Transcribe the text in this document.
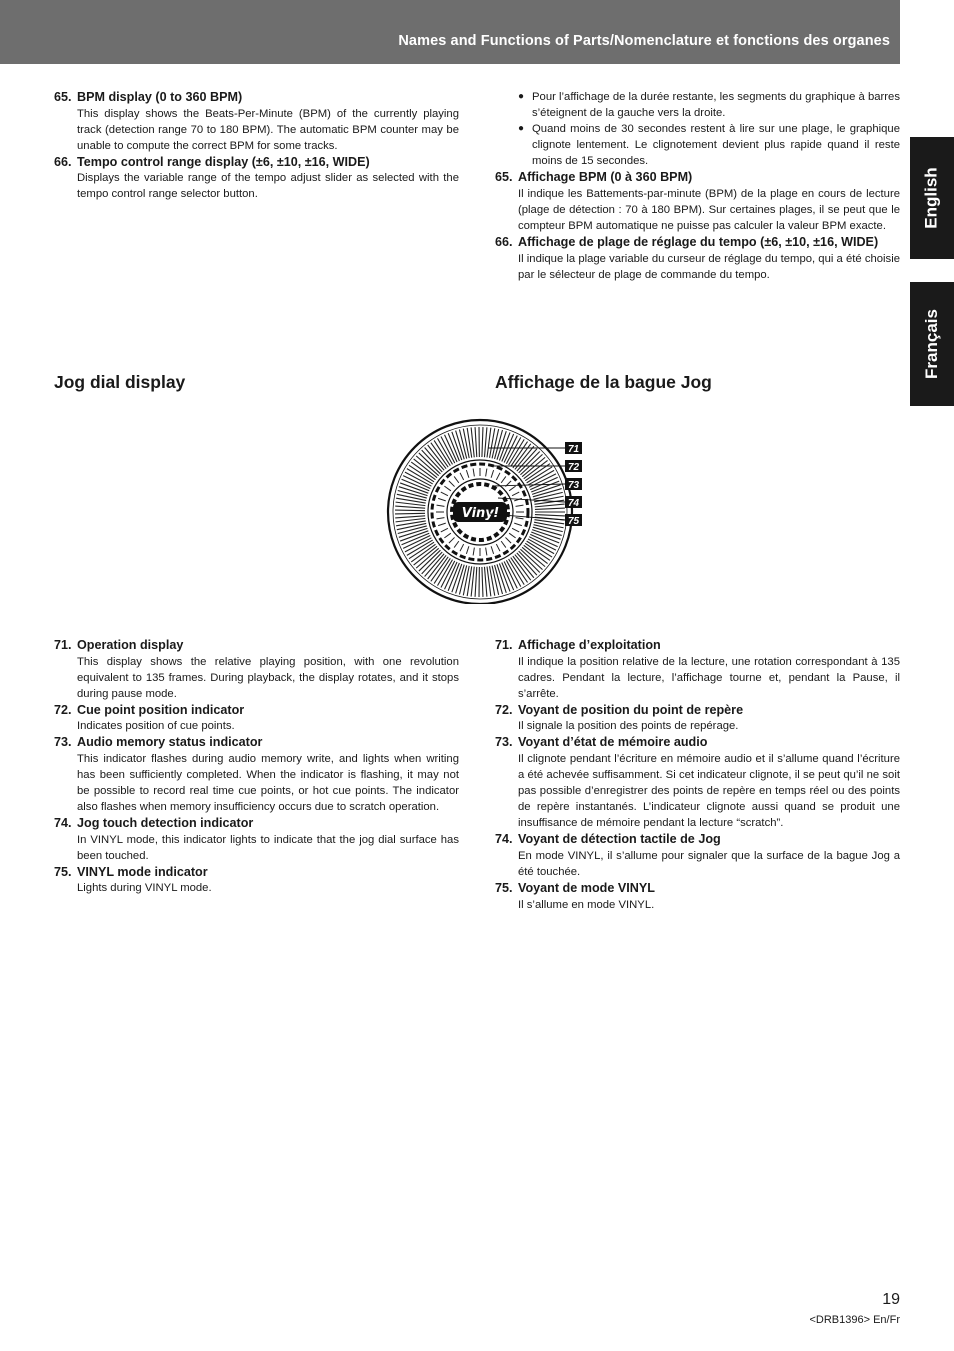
Names and Functions of Parts/Nomenclature et fonctions des organes
English
Français
65. BPM display (0 to 360 BPM)
This display shows the Beats-Per-Minute (BPM) of the currently playing track (detection range 70 to 180 BPM). The automatic BPM counter may be unable to compute the correct BPM for some tracks.
66. Tempo control range display (±6, ±10, ±16, WIDE)
Displays the variable range of the tempo adjust slider as selected with the tempo control range selector button.
● Pour l’affichage de la durée restante, les segments du graphique à barres s’éteignent de la gauche vers la droite.
● Quand moins de 30 secondes restent à lire sur une plage, le graphique clignote lentement. Le clignotement devient plus rapide quand il reste moins de 15 secondes.
65. Affichage BPM (0 à 360 BPM)
Il indique les Battements-par-minute (BPM) de la plage en cours de lecture (plage de détection : 70 à 180 BPM). Sur certaines plages, il se peut que le compteur BPM automatique ne puisse pas calculer la valeur BPM exacte.
66. Affichage de plage de réglage du tempo (±6, ±10, ±16, WIDE)
Il indique la plage variable du curseur de réglage du tempo, qui a été choisie par le sélecteur de plage de commande du tempo.
Jog dial display	Affichage de la bague Jog
Vinyl
71
72
73
74
75
71. Operation display
This display shows the relative playing position, with one revolution equivalent to 135 frames. During playback, the display rotates, and it stops during pause mode.
72. Cue point position indicator
Indicates position of cue points.
73. Audio memory status indicator
This indicator flashes during audio memory write, and lights when writing has been sufficiently completed. When the indicator is flashing, it may not be possible to record real time cue points, or hot cue points. The indicator also flashes when memory insufficiency occurs due to scratch operation.
74. Jog touch detection indicator
In VINYL mode, this indicator lights to indicate that the jog dial surface has been touched.
75. VINYL mode indicator
Lights during VINYL mode.
71. Affichage d’exploitation
Il indique la position relative de la lecture, une rotation correspondant à 135 cadres. Pendant la lecture, l’affichage tourne et, pendant la Pause, il s’arrête.
72. Voyant de position du point de repère
Il signale la position des points de repérage.
73. Voyant d’état de mémoire audio
Il clignote pendant l’écriture en mémoire audio et il s’allume quand l’écriture a été achevée suffisamment. Si cet indicateur clignote, il se peut qu’il ne soit pas possible d’enregistrer des points de repère en temps réel ou des points de repère instantanés. L’indicateur clignote aussi quand se produit une insuffisance de mémoire pendant la lecture “scratch”.
74. Voyant de détection tactile de Jog
En mode VINYL, il s’allume pour signaler que la surface de la bague Jog a été touchée.
75. Voyant de mode VINYL
Il s’allume en mode VINYL.
19
<DRB1396> En/Fr
